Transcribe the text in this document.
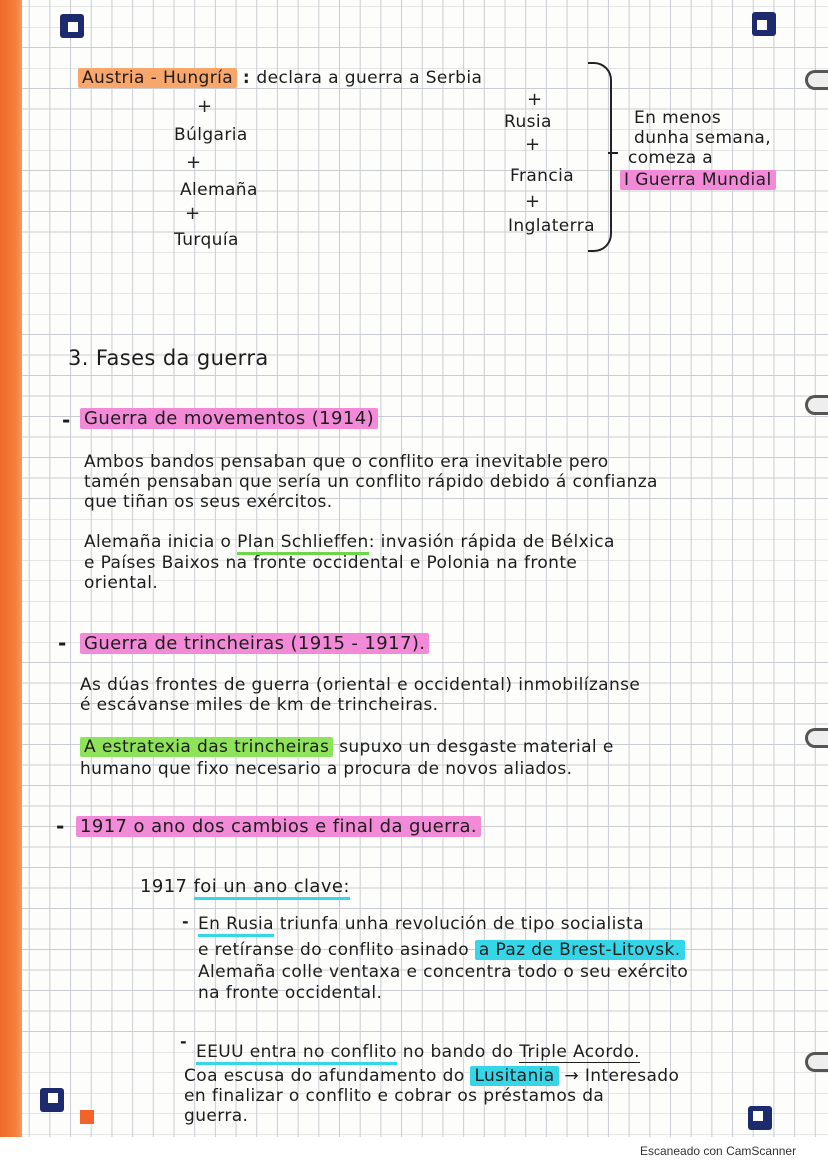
Austria - Hungría : declara a guerra a Serbia
+
Búlgaria
+
Alemaña
+
Turquía
+
Rusia
+
Francia
+
Inglaterra
En menos
dunha semana,
comeza a
I Guerra Mundial
3. Fases da guerra
- Guerra de movementos (1914)
Ambos bandos pensaban que o conflito era inevitable pero
tamén pensaban que sería un conflito rápido debido á confianza
que tiñan os seus exércitos.
Alemaña inicia o Plan Schlieffen: invasión rápida de Bélxica
e Países Baixos na fronte occidental e Polonia na fronte
oriental.
- Guerra de trincheiras (1915 - 1917).
As dúas frontes de guerra (oriental e occidental) inmobilízanse
é escávanse miles de km de trincheiras.
A estratexia das trincheiras supuxo un desgaste material e
humano que fixo necesario a procura de novos aliados.
- 1917 o ano dos cambios e final da guerra.
1917 foi un ano clave:
- En Rusia triunfa unha revolución de tipo socialista
e retíranse do conflito asinado a Paz de Brest-Litovsk.
Alemaña colle ventaxa e concentra todo o seu exército
na fronte occidental.
-
EEUU entra no conflito no bando do Triple Acordo.
Coa escusa do afundamento do Lusitania → Interesado
en finalizar o conflito e cobrar os préstamos da
guerra.
Escaneado con CamScanner
